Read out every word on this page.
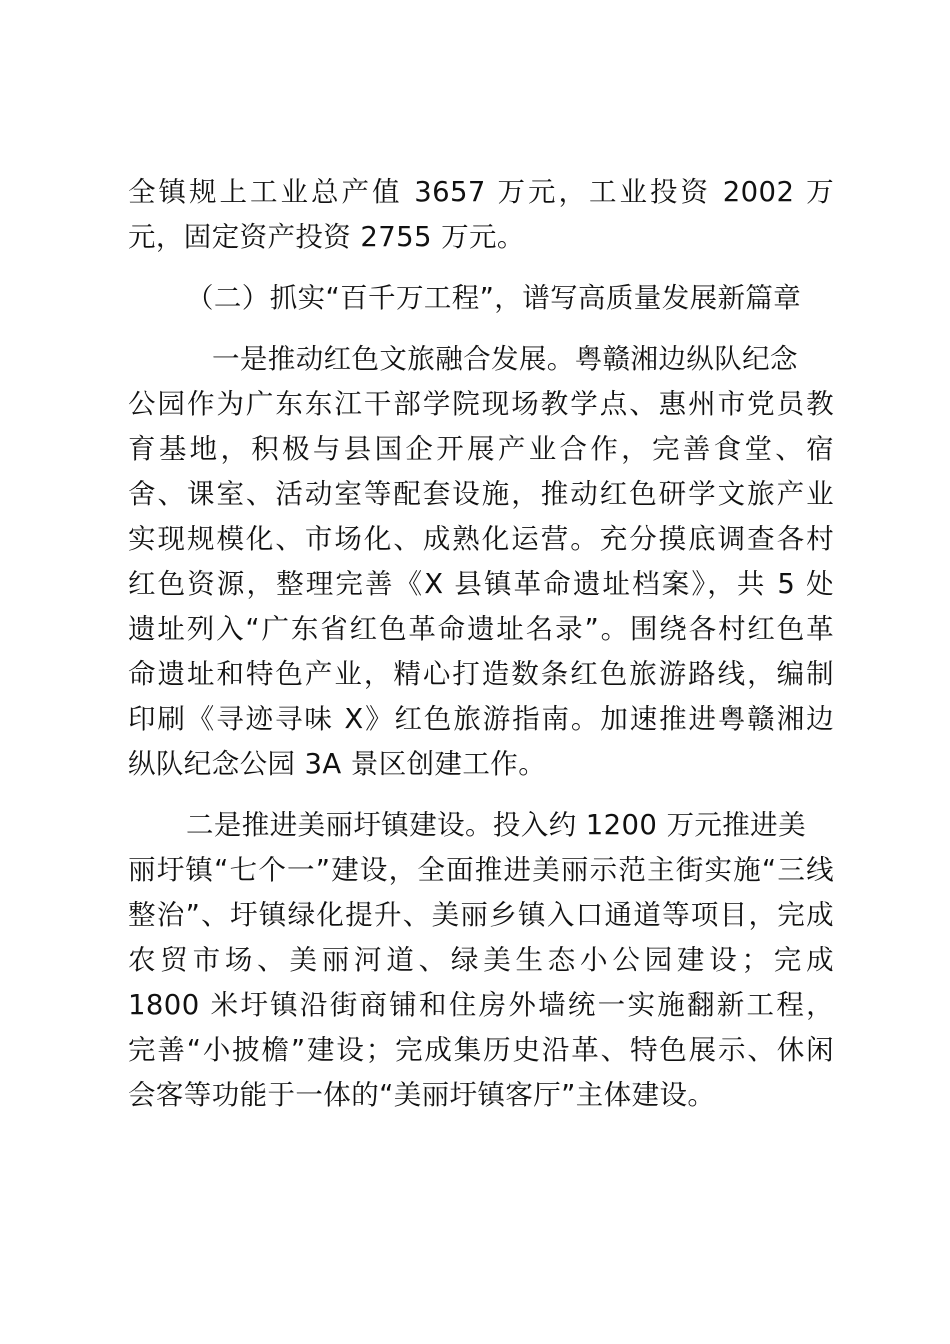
全镇规上工业总产值 3657 万元，工业投资 2002 万
元，固定资产投资 2755 万元。
（二）抓实“百千万工程”，谱写高质量发展新篇章
一是推动红色文旅融合发展。粤赣湘边纵队纪念
公园作为广东东江干部学院现场教学点、惠州市党员教
育基地，积极与县国企开展产业合作，完善食堂、宿
舍、课室、活动室等配套设施，推动红色研学文旅产业
实现规模化、市场化、成熟化运营。充分摸底调查各村
红色资源，整理完善《X 县镇革命遗址档案》，共 5 处
遗址列入“广东省红色革命遗址名录”。围绕各村红色革
命遗址和特色产业，精心打造数条红色旅游路线，编制
印刷《寻迹寻味 X》红色旅游指南。加速推进粤赣湘边
纵队纪念公园 3A 景区创建工作。
二是推进美丽圩镇建设。投入约 1200 万元推进美
丽圩镇“七个一”建设，全面推进美丽示范主街实施“三线
整治”、圩镇绿化提升、美丽乡镇入口通道等项目，完成
农贸市场、美丽河道、绿美生态小公园建设；完成
1800 米圩镇沿街商铺和住房外墙统一实施翻新工程，
完善“小披檐”建设；完成集历史沿革、特色展示、休闲
会客等功能于一体的“美丽圩镇客厅”主体建设。
